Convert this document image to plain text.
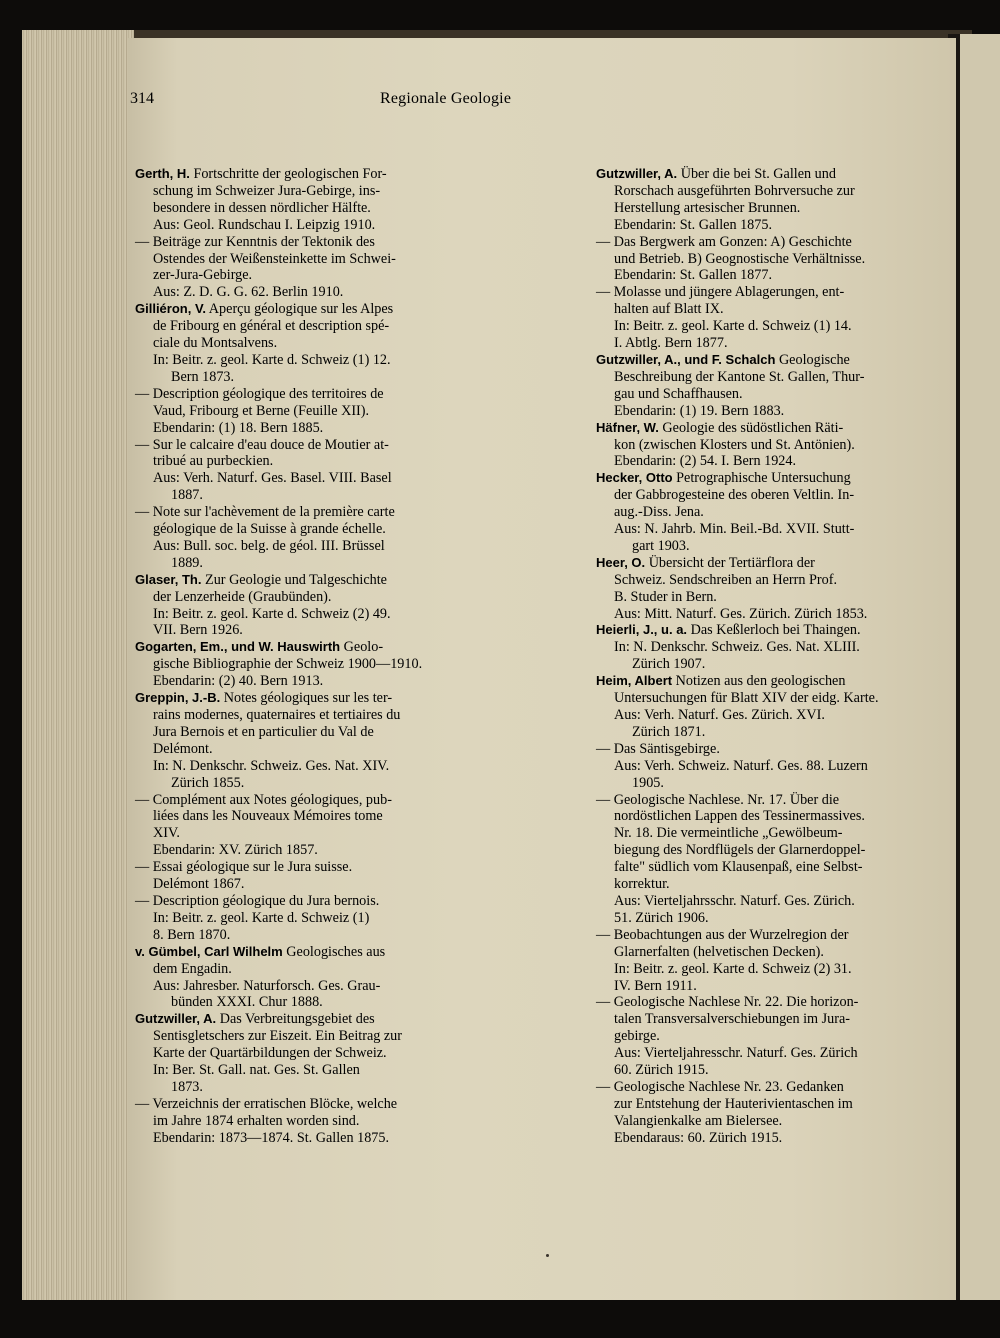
314	Regionale Geologie
Gerth, H. Fortschritte der geologischen For-
schung im Schweizer Jura-Gebirge, ins-
besondere in dessen nördlicher Hälfte.
Aus: Geol. Rundschau I. Leipzig 1910.
— Beiträge zur Kenntnis der Tektonik des
Ostendes der Weißensteinkette im Schwei-
zer-Jura-Gebirge.
Aus: Z. D. G. G. 62. Berlin 1910.
Gilliéron, V. Aperçu géologique sur les Alpes
de Fribourg en général et description spé-
ciale du Montsalvens.
In: Beitr. z. geol. Karte d. Schweiz (1) 12.
Bern 1873.
— Description géologique des territoires de
Vaud, Fribourg et Berne (Feuille XII).
Ebendarin: (1) 18. Bern 1885.
— Sur le calcaire d'eau douce de Moutier at-
tribué au purbeckien.
Aus: Verh. Naturf. Ges. Basel. VIII. Basel
1887.
— Note sur l'achèvement de la première carte
géologique de la Suisse à grande échelle.
Aus: Bull. soc. belg. de géol. III. Brüssel
1889.
Glaser, Th. Zur Geologie und Talgeschichte
der Lenzerheide (Graubünden).
In: Beitr. z. geol. Karte d. Schweiz (2) 49.
VII. Bern 1926.
Gogarten, Em., und W. Hauswirth Geolo-
gische Bibliographie der Schweiz 1900—1910.
Ebendarin: (2) 40. Bern 1913.
Greppin, J.-B. Notes géologiques sur les ter-
rains modernes, quaternaires et tertiaires du
Jura Bernois et en particulier du Val de
Delémont.
In: N. Denkschr. Schweiz. Ges. Nat. XIV.
Zürich 1855.
— Complément aux Notes géologiques, pub-
liées dans les Nouveaux Mémoires tome
XIV.
Ebendarin: XV. Zürich 1857.
— Essai géologique sur le Jura suisse.
Delémont 1867.
— Description géologique du Jura bernois.
In: Beitr. z. geol. Karte d. Schweiz (1)
8. Bern 1870.
v. Gümbel, Carl Wilhelm Geologisches aus
dem Engadin.
Aus: Jahresber. Naturforsch. Ges. Grau-
bünden XXXI. Chur 1888.
Gutzwiller, A. Das Verbreitungsgebiet des
Sentisgletschers zur Eiszeit. Ein Beitrag zur
Karte der Quartärbildungen der Schweiz.
In: Ber. St. Gall. nat. Ges. St. Gallen
1873.
— Verzeichnis der erratischen Blöcke, welche
im Jahre 1874 erhalten worden sind.
Ebendarin: 1873—1874. St. Gallen 1875.
Gutzwiller, A. Über die bei St. Gallen und
Rorschach ausgeführten Bohrversuche zur
Herstellung artesischer Brunnen.
Ebendarin: St. Gallen 1875.
— Das Bergwerk am Gonzen: A) Geschichte
und Betrieb. B) Geognostische Verhältnisse.
Ebendarin: St. Gallen 1877.
— Molasse und jüngere Ablagerungen, ent-
halten auf Blatt IX.
In: Beitr. z. geol. Karte d. Schweiz (1) 14.
I. Abtlg. Bern 1877.
Gutzwiller, A., und F. Schalch Geologische
Beschreibung der Kantone St. Gallen, Thur-
gau und Schaffhausen.
Ebendarin: (1) 19. Bern 1883.
Häfner, W. Geologie des südöstlichen Räti-
kon (zwischen Klosters und St. Antönien).
Ebendarin: (2) 54. I. Bern 1924.
Hecker, Otto Petrographische Untersuchung
der Gabbrogesteine des oberen Veltlin. In-
aug.-Diss. Jena.
Aus: N. Jahrb. Min. Beil.-Bd. XVII. Stutt-
gart 1903.
Heer, O. Übersicht der Tertiärflora der
Schweiz. Sendschreiben an Herrn Prof.
B. Studer in Bern.
Aus: Mitt. Naturf. Ges. Zürich. Zürich 1853.
Heierli, J., u. a. Das Keßlerloch bei Thaingen.
In: N. Denkschr. Schweiz. Ges. Nat. XLIII.
Zürich 1907.
Heim, Albert Notizen aus den geologischen
Untersuchungen für Blatt XIV der eidg. Karte.
Aus: Verh. Naturf. Ges. Zürich. XVI.
Zürich 1871.
— Das Säntisgebirge.
Aus: Verh. Schweiz. Naturf. Ges. 88. Luzern
1905.
— Geologische Nachlese. Nr. 17. Über die
nordöstlichen Lappen des Tessinermassives.
Nr. 18. Die vermeintliche „Gewölbeum-
biegung des Nordflügels der Glarnerdoppel-
falte" südlich vom Klausenpaß, eine Selbst-
korrektur.
Aus: Vierteljahrsschr. Naturf. Ges. Zürich.
51. Zürich 1906.
— Beobachtungen aus der Wurzelregion der
Glarnerfalten (helvetischen Decken).
In: Beitr. z. geol. Karte d. Schweiz (2) 31.
IV. Bern 1911.
— Geologische Nachlese Nr. 22. Die horizon-
talen Transversalverschiebungen im Jura-
gebirge.
Aus: Vierteljahresschr. Naturf. Ges. Zürich
60. Zürich 1915.
— Geologische Nachlese Nr. 23. Gedanken
zur Entstehung der Hauterivientaschen im
Valangienkalke am Bielersee.
Ebendaraus: 60. Zürich 1915.
